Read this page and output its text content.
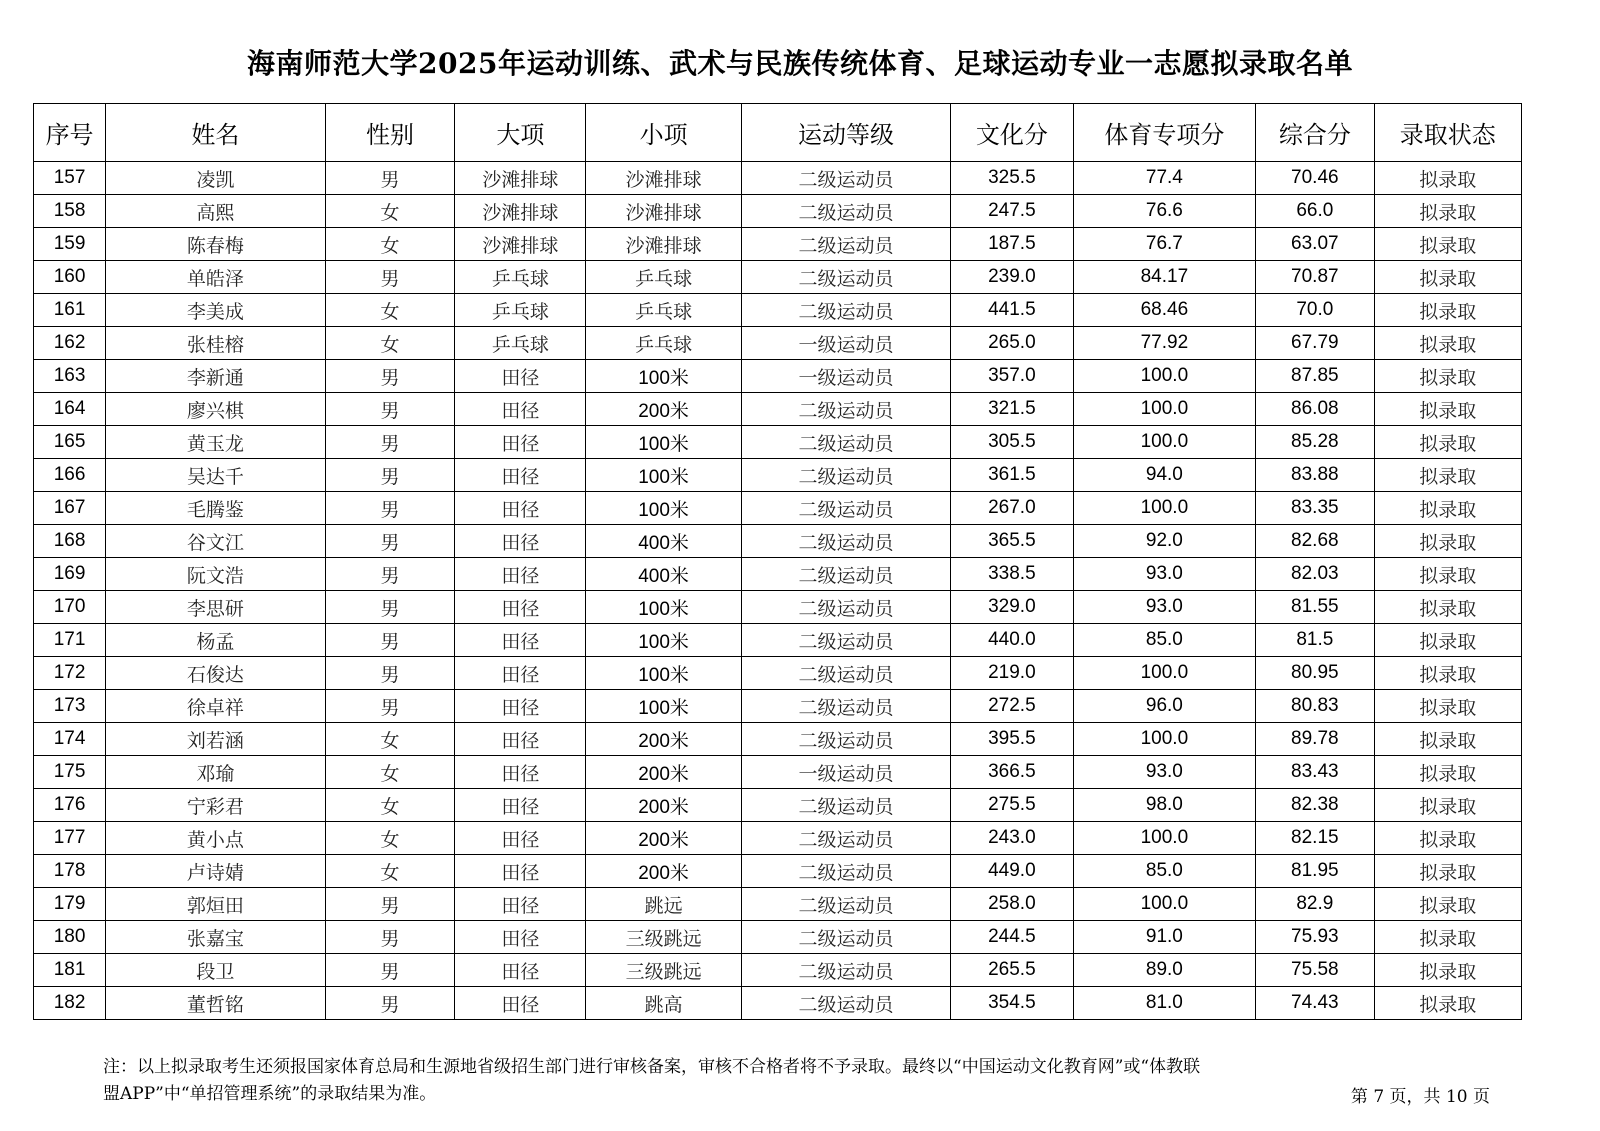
海南师范大学2025年运动训练、武术与民族传统体育、足球运动专业一志愿拟录取名单
序号	姓名	性别	大项	小项	运动等级	文化分	体育专项分	综合分	录取状态
157	凌凯	男	沙滩排球	沙滩排球	二级运动员	325.5	77.4	70.46	拟录取
158	高熙	女	沙滩排球	沙滩排球	二级运动员	247.5	76.6	66.0	拟录取
159	陈春梅	女	沙滩排球	沙滩排球	二级运动员	187.5	76.7	63.07	拟录取
160	单皓泽	男	乒乓球	乒乓球	二级运动员	239.0	84.17	70.87	拟录取
161	李美成	女	乒乓球	乒乓球	二级运动员	441.5	68.46	70.0	拟录取
162	张桂榕	女	乒乓球	乒乓球	一级运动员	265.0	77.92	67.79	拟录取
163	李新通	男	田径	100米	一级运动员	357.0	100.0	87.85	拟录取
164	廖兴棋	男	田径	200米	二级运动员	321.5	100.0	86.08	拟录取
165	黄玉龙	男	田径	100米	二级运动员	305.5	100.0	85.28	拟录取
166	吴达千	男	田径	100米	二级运动员	361.5	94.0	83.88	拟录取
167	毛腾鉴	男	田径	100米	二级运动员	267.0	100.0	83.35	拟录取
168	谷文江	男	田径	400米	二级运动员	365.5	92.0	82.68	拟录取
169	阮文浩	男	田径	400米	二级运动员	338.5	93.0	82.03	拟录取
170	李思研	男	田径	100米	二级运动员	329.0	93.0	81.55	拟录取
171	杨孟	男	田径	100米	二级运动员	440.0	85.0	81.5	拟录取
172	石俊达	男	田径	100米	二级运动员	219.0	100.0	80.95	拟录取
173	徐卓祥	男	田径	100米	二级运动员	272.5	96.0	80.83	拟录取
174	刘若涵	女	田径	200米	二级运动员	395.5	100.0	89.78	拟录取
175	邓瑜	女	田径	200米	一级运动员	366.5	93.0	83.43	拟录取
176	宁彩君	女	田径	200米	二级运动员	275.5	98.0	82.38	拟录取
177	黄小点	女	田径	200米	二级运动员	243.0	100.0	82.15	拟录取
178	卢诗婧	女	田径	200米	二级运动员	449.0	85.0	81.95	拟录取
179	郭烜田	男	田径	跳远	二级运动员	258.0	100.0	82.9	拟录取
180	张嘉宝	男	田径	三级跳远	二级运动员	244.5	91.0	75.93	拟录取
181	段卫	男	田径	三级跳远	二级运动员	265.5	89.0	75.58	拟录取
182	董哲铭	男	田径	跳高	二级运动员	354.5	81.0	74.43	拟录取
注：以上拟录取考生还须报国家体育总局和生源地省级招生部门进行审核备案，审核不合格者将不予录取。最终以“中国运动文化教育网”或“体教联
盟APP”中“单招管理系统”的录取结果为准。	第 7 页，共 10 页
